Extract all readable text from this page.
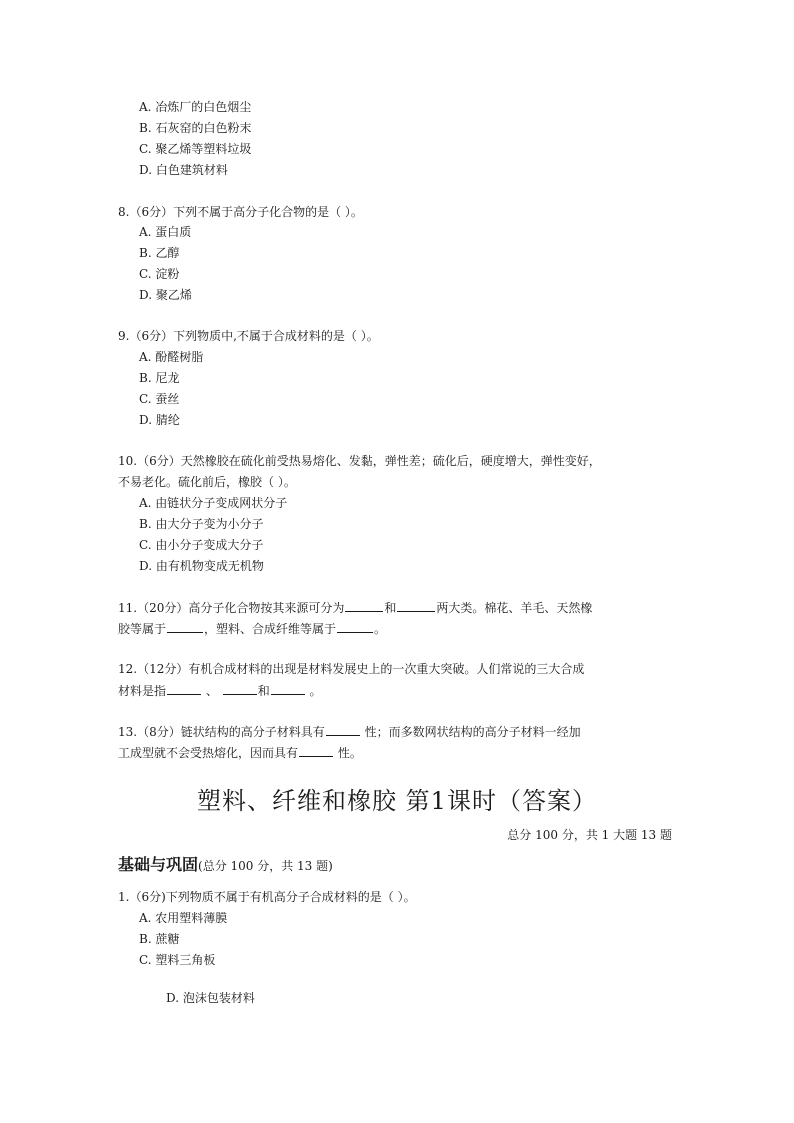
A. 冶炼厂的白色烟尘
B. 石灰窑的白色粉末
C. 聚乙烯等塑料垃圾
D. 白色建筑材料
8.（6分）下列不属于高分子化合物的是（ ）。
A. 蛋白质
B. 乙醇
C. 淀粉
D. 聚乙烯
9.（6分）下列物质中,不属于合成材料的是（ ）。
A. 酚醛树脂
B. 尼龙
C. 蚕丝
D. 腈纶
10.（6分）天然橡胶在硫化前受热易熔化、发黏，弹性差；硫化后，硬度增大，弹性变好，
不易老化。硫化前后，橡胶（ ）。
A. 由链状分子变成网状分子
B. 由大分子变为小分子
C. 由小分子变成大分子
D. 由有机物变成无机物
11.（20分）高分子化合物按其来源可分为	和	两大类。棉花、羊毛、天然橡
胶等属于	，塑料、合成纤维等属于	。
12.（12分）有机合成材料的出现是材料发展史上的一次重大突破。人们常说的三大合成
材料是指	、	和	。
13.（8分）链状结构的高分子材料具有	性；而多数网状结构的高分子材料一经加
工成型就不会受热熔化，因而具有	性。
塑料、纤维和橡胶 第1课时（答案）
总分 100 分，共 1 大题 13 题
基础与巩固(总分 100 分，共 13 题)
1.（6分)下列物质不属于有机高分子合成材料的是（ ）。
A. 农用塑料薄膜
B. 蔗糖
C. 塑料三角板
D. 泡沫包装材料
